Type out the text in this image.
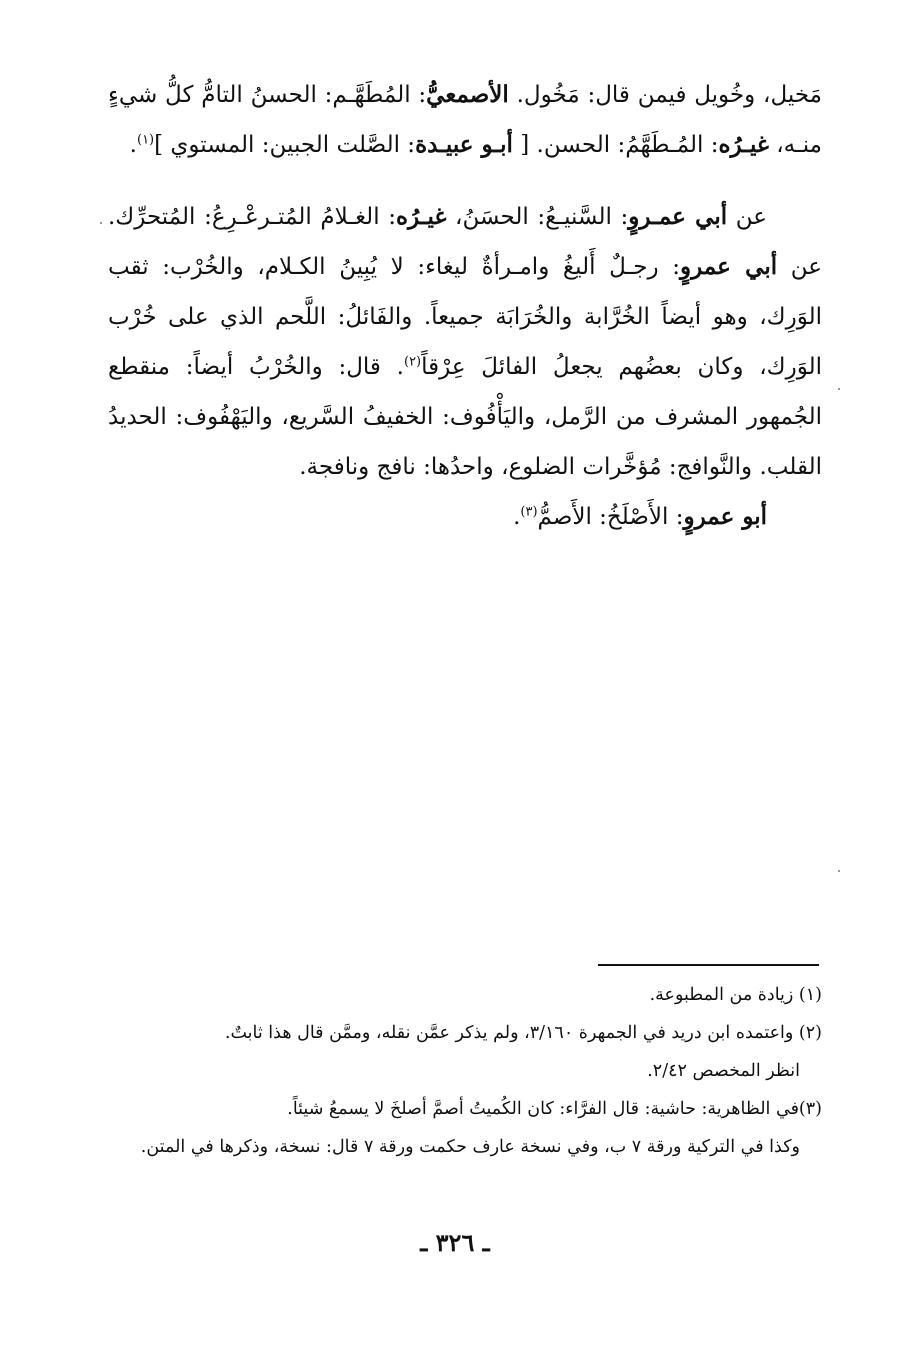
مَخيل، وخُويل فيمن قال: مَخُول. الأصمعيُّ: المُطَهَّـم: الحسنُ التامُّ كلُّ شيءٍ منـه، غيـرُه: المُـطَهَّمُ: الحسن. [ أبـو عبيـدة: الصَّلت الجبين: المستوي ]$^{(١)}$.

عن أبي عمـروٍ: السَّنيـعُ: الحسَنُ، غيـرُه: الغـلامُ المُتـرعْـرِعُ: المُتحرِّك. عن أبي عمروٍ: رجـلٌ أَليغُ وامـرأةٌ ليغاء: لا يُبِينُ الكـلام، والخُرْب: ثقب الوَرِك، وهو أيضاً الخُرَّابة والخُرَابَة جميعاً. والفَائلُ: اللَّحم الذي على خُرْب الوَرِك، وكان بعضُهم يجعلُ الفائلَ عِرْقاً$^{(٢)}$. قال: والخُرْبُ أيضاً: منقطع الجُمهور المشرف من الرَّمل، واليَأْفُوف: الخفيفُ السَّريع، واليَهْفُوف: الحديدُ القلب. والنَّوافج: مُؤخَّرات الضلوع، واحدُها: نافج ونافجة.

أبو عمروٍ: الأَصْلَخُ: الأَصمُّ$^{(٣)}$.

(١) زيادة من المطبوعة.

(٢) واعتمده ابن دريد في الجمهرة ٣/١٦٠، ولم يذكر عمَّن نقله، وممَّن قال هذا ثابتٌ.

انظر المخصص ٢/٤٢.

(٣)في الظاهرية: حاشية: قال الفرَّاء: كان الكُميتُ أصمَّ أصلخَ لا يسمعُ شيئاً.

وكذا في التركية ورقة ٧ ب، وفي نسخة عارف حكمت ورقة ٧ قال: نسخة، وذكرها في المتن.

ـ ٣٢٦ ـ
